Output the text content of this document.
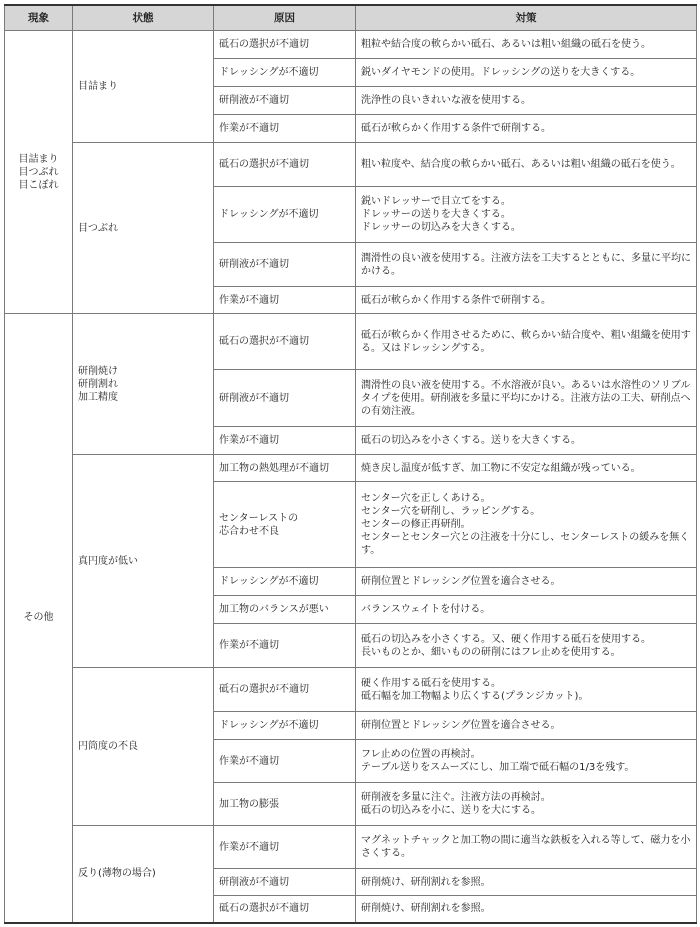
現象	状態	原因	対策

目詰まり
目つぶれ
目こぼれ	目詰まり	砥石の選択が不適切	粗粒や結合度の軟らかい砥石、あるいは粗い組織の砥石を使う。
		ドレッシングが不適切	鋭いダイヤモンドの使用。ドレッシングの送りを大きくする。
		研削液が不適切	洗浄性の良いきれいな液を使用する。
		作業が不適切	砥石が軟らかく作用する条件で研削する。

	目つぶれ	砥石の選択が不適切	粗い粒度や、結合度の軟らかい砥石、あるいは粗い組織の砥石を使う。
		ドレッシングが不適切	鋭いドレッサーで目立てをする。
ドレッサーの送りを大きくする。
ドレッサーの切込みを大きくする。

		研削液が不適切	潤滑性の良い液を使用する。注液方法を工夫するとともに、多量に平均にかける。
		作業が不適切	砥石が軟らかく作用する条件で研削する。

その他	研削焼け
研削割れ
加工精度	砥石の選択が不適切	砥石が軟らかく作用させるために、軟らかい結合度や、粗い組織を使用する。又はドレッシングする。
		研削液が不適切	潤滑性の良い液を使用する。不水溶液が良い。あるいは水溶性のソリブルタイプを使用。研削液を多量に平均にかける。注液方法の工夫、研削点への有効注液。
		作業が不適切	砥石の切込みを小さくする。送りを大きくする。

	真円度が低い	加工物の熱処理が不適切	焼き戻し温度が低すぎ、加工物に不安定な組織が残っている。

		センターレストの
芯合わせ不良	センター穴を正しくあける。
センター穴を研削し、ラッピングする。
センターの修正再研削。
センターとセンター穴との注液を十分にし、センターレストの緩みを無くす。

		ドレッシングが不適切	研削位置とドレッシング位置を適合させる。
		加工物のバランスが悪い	バランスウェイトを付ける。
		作業が不適切	砥石の切込みを小さくする。又、硬く作用する砥石を使用する。
長いものとか、細いものの研削にはフレ止めを使用する。

	円筒度の不良	砥石の選択が不適切	硬く作用する砥石を使用する。
砥石幅を加工物幅より広くする(プランジカット)。

		ドレッシングが不適切	研削位置とドレッシング位置を適合させる。
		作業が不適切	フレ止めの位置の再検討。
テーブル送りをスムーズにし、加工端で砥石幅の1/3を残す。

		加工物の膨張	研削液を多量に注ぐ。注液方法の再検討。
砥石の切込みを小に、送りを大にする。

	反り(薄物の場合)	作業が不適切	マグネットチャックと加工物の間に適当な鉄板を入れる等して、磁力を小さくする。
		研削液が不適切	研削焼け、研削割れを参照。
		砥石の選択が不適切	研削焼け、研削割れを参照。
